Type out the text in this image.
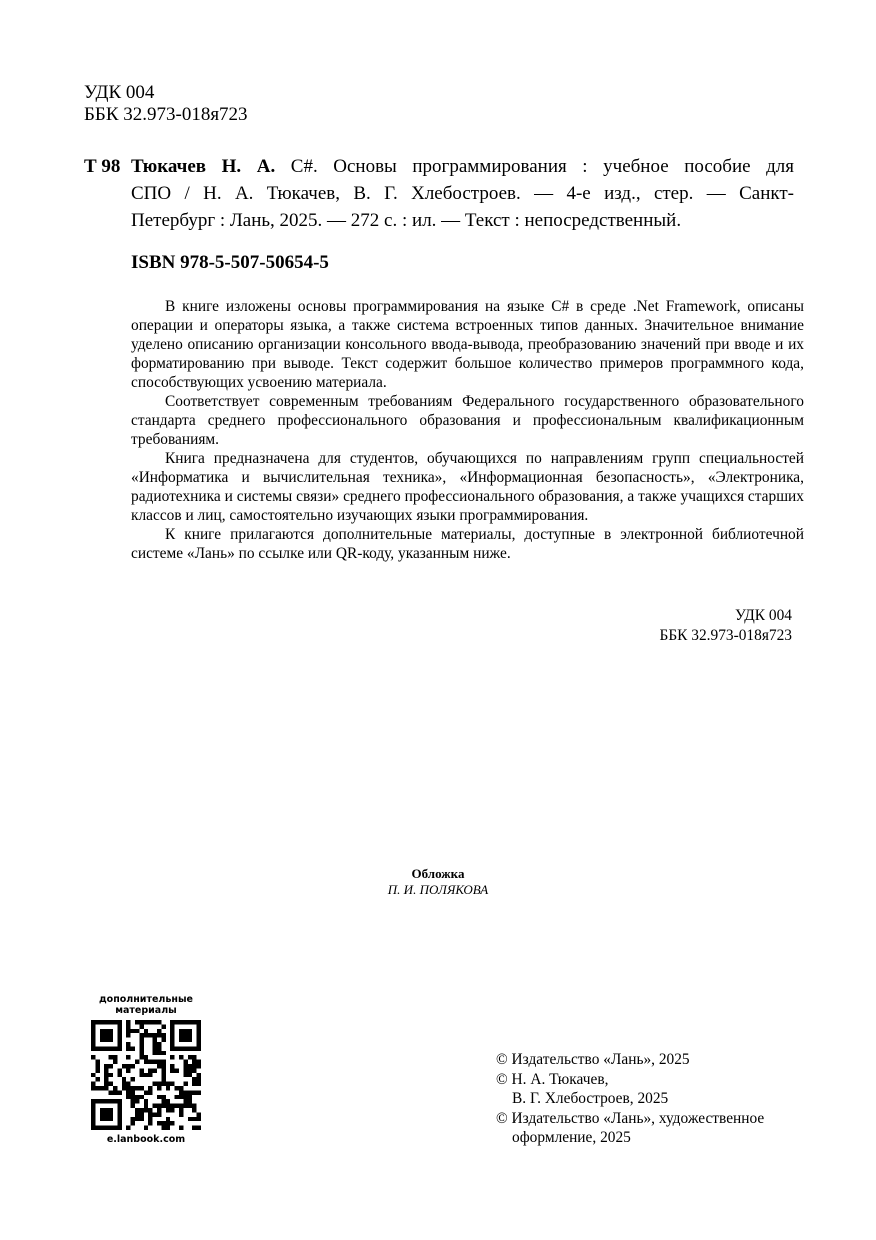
УДК 004
ББК 32.973-018я723
Т 98 Тюкачев Н. А. C#. Основы программирования : учебное пособие для
СПО / Н. А. Тюкачев, В. Г. Хлебостроев. — 4-е изд., стер. — Санкт-
Петербург : Лань, 2025. — 272 с. : ил. — Текст : непосредственный.
ISBN 978-5-507-50654-5

В книге изложены основы программирования на языке C# в среде .Net Framework, описаны операции и операторы языка, а также система встроенных типов данных. Значительное внимание уделено описанию организации консольного ввода-вывода, преобразованию значений при вводе и их форматированию при выводе. Текст содержит большое количество примеров программного кода, способствующих усвоению материала.

Соответствует современным требованиям Федерального государственного образовательного стандарта среднего профессионального образования и профессиональным квалификационным требованиям.

Книга предназначена для студентов, обучающихся по направлениям групп специальностей «Информатика и вычислительная техника», «Информационная безопасность», «Электроника, радиотехника и системы связи» среднего профессионального образования, а также учащихся старших классов и лиц, самостоятельно изучающих языки программирования.

К книге прилагаются дополнительные материалы, доступные в электронной библиотечной системе «Лань» по ссылке или QR-коду, указанным ниже.

УДК 004
ББК 32.973-018я723
Обложка
П. И. ПОЛЯКОВА
дополнительные материалы
e.lanbook.com
© Издательство «Лань», 2025
© Н. А. Тюкачев,
В. Г. Хлебостроев, 2025
© Издательство «Лань», художественное
оформление, 2025
